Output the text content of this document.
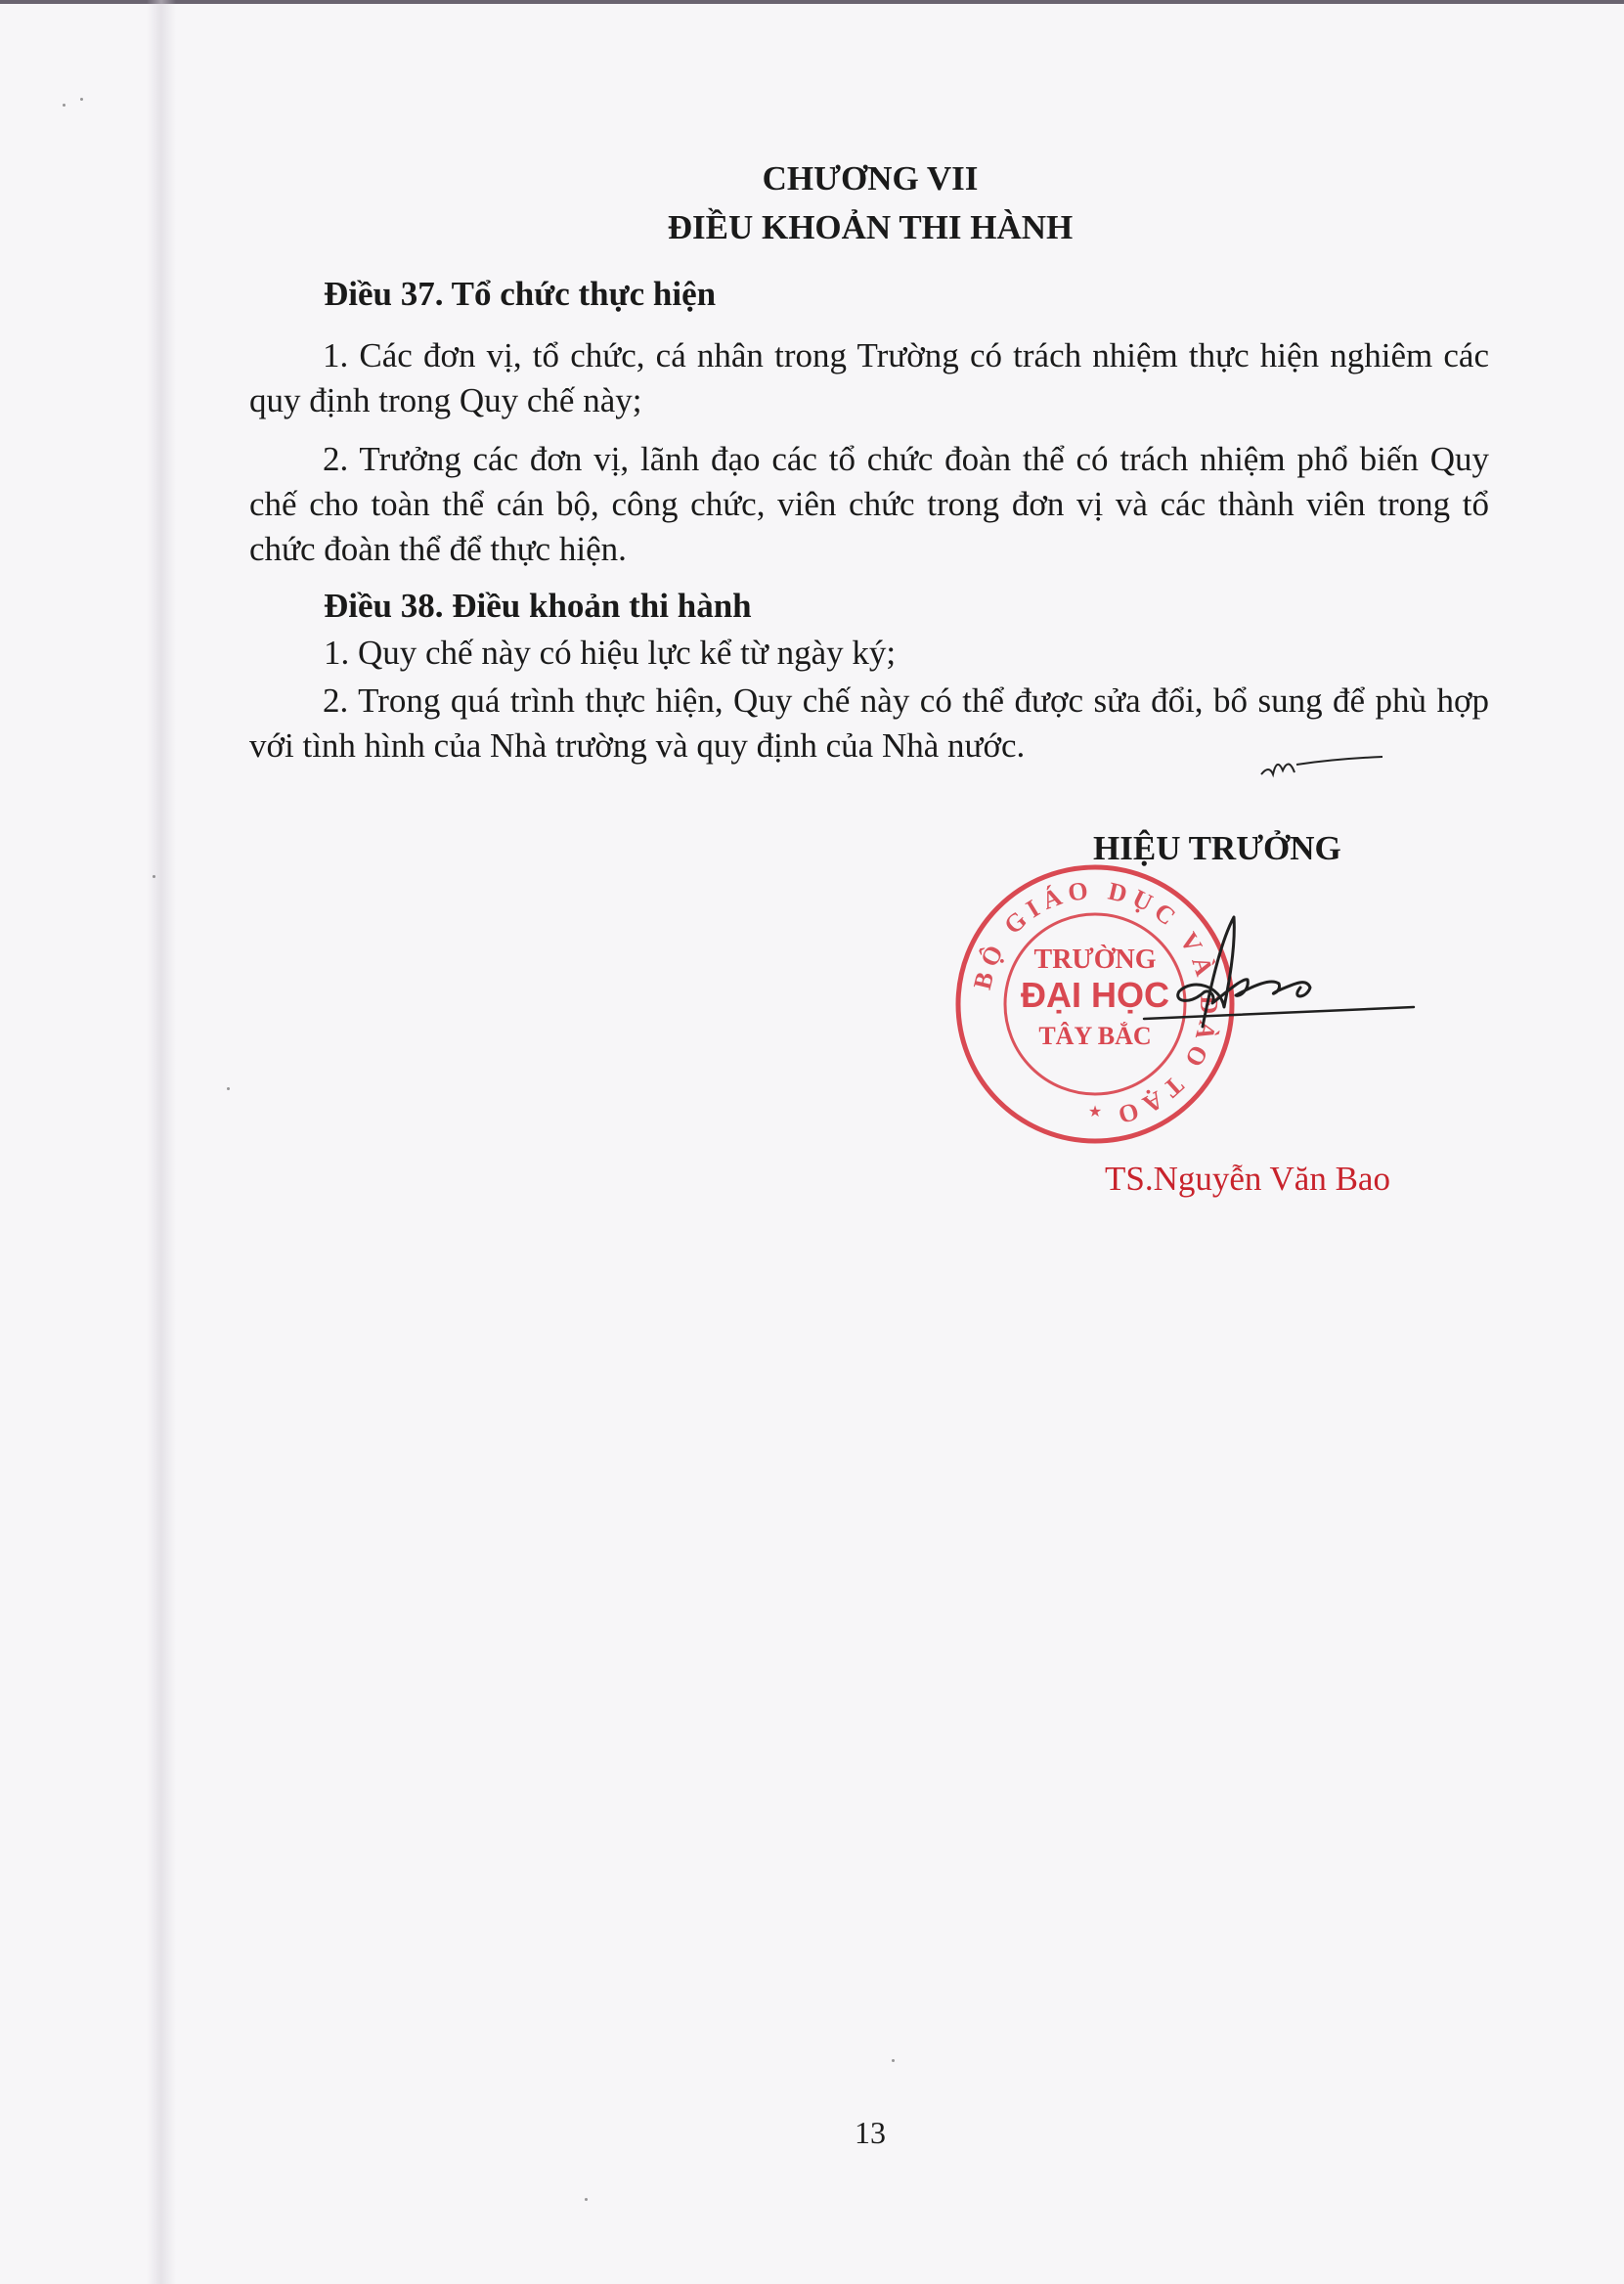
CHƯƠNG VII
ĐIỀU KHOẢN THI HÀNH
Điều 37. Tổ chức thực hiện

1. Các đơn vị, tổ chức, cá nhân trong Trường có trách nhiệm thực hiện nghiêm các quy định trong Quy chế này;

2. Trưởng các đơn vị, lãnh đạo các tổ chức đoàn thể có trách nhiệm phổ biến Quy chế cho toàn thể cán bộ, công chức, viên chức trong đơn vị và các thành viên trong tổ chức đoàn thể để thực hiện.

Điều 38. Điều khoản thi hành
1. Quy chế này có hiệu lực kể từ ngày ký;

2. Trong quá trình thực hiện, Quy chế này có thể được sửa đổi, bổ sung để phù hợp với tình hình của Nhà trường và quy định của Nhà nước.

HIỆU TRƯỞNG
BỘ GIÁO DỤC VÀ ĐÀO TẠO
TRƯỜNG
ĐẠI HỌC
TÂY BẮC
★
TS.Nguyễn Văn Bao
13
